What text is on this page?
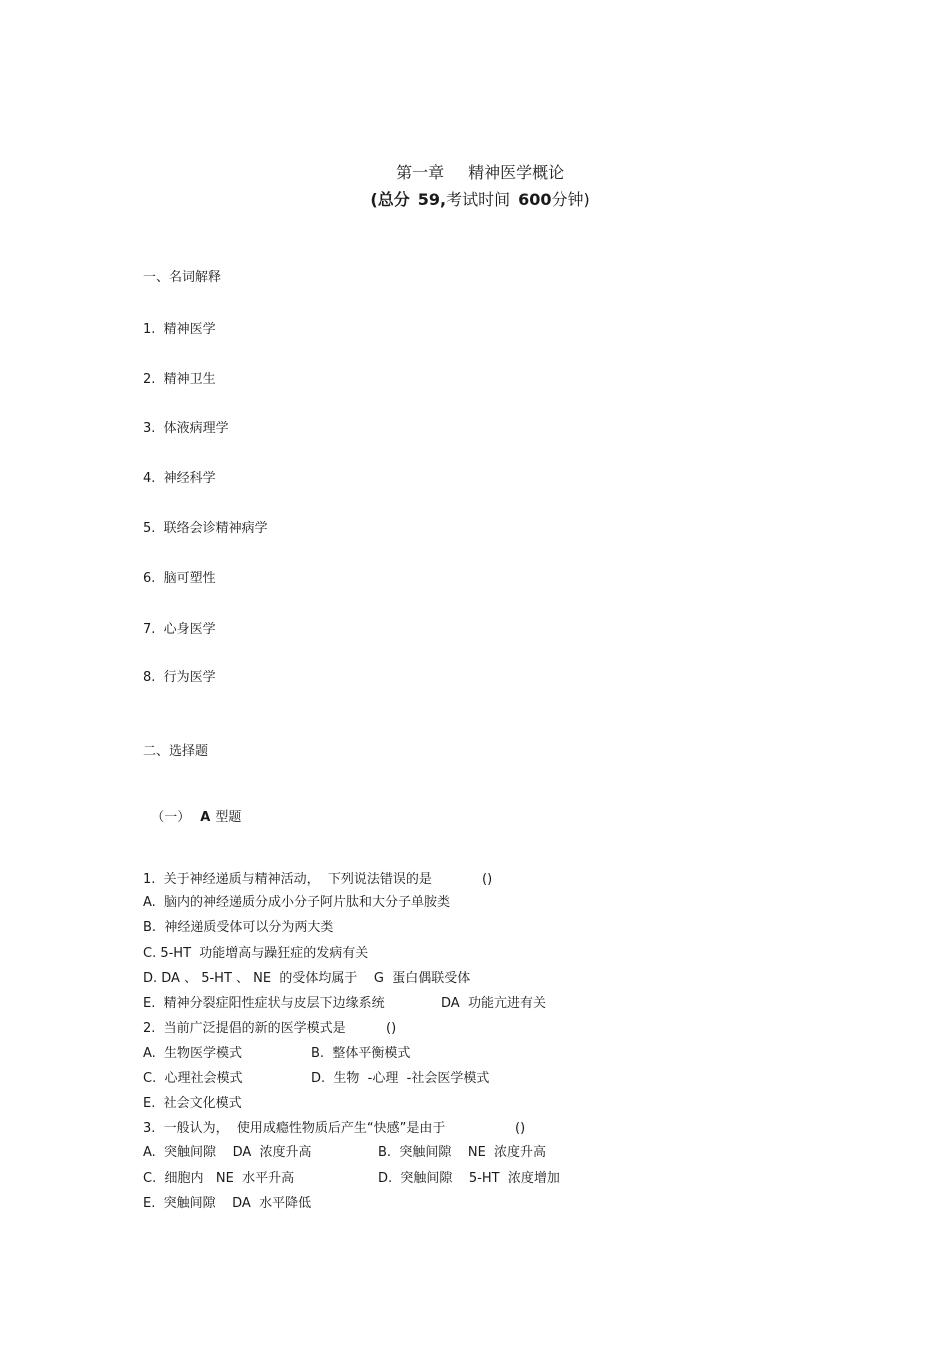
第一章 精神医学概论

(总分 59,考试时间 600分钟)

一、名词解释
1.  精神医学
2.  精神卫生
3.  体液病理学
4.  神经科学
5.  联络会诊精神病学
6.  脑可塑性
7.  心身医学
8.  行为医学
二、选择题

（一） A 型题

1.  关于神经递质与精神活动，  下列说法错误的是	()
A.  脑内的神经递质分成小分子阿片肽和大分子单胺类
B.  神经递质受体可以分为两大类
C. 5-HT  功能增高与躁狂症的发病有关
D. DA 、 5-HT 、 NE  的受体均属于    G  蛋白偶联受体
E.  精神分裂症阳性症状与皮层下边缘系统	DA  功能亢进有关
2.  当前广泛提倡的新的医学模式是	()
A.  生物医学模式	B.  整体平衡模式
C.  心理社会模式	D.  生物  -心理  -社会医学模式
E.  社会文化模式
3.  一般认为，  使用成瘾性物质后产生“快感”是由于	()
A.  突触间隙    DA  浓度升高	B.  突触间隙    NE  浓度升高
C.  细胞内   NE  水平升高	D.  突触间隙    5-HT  浓度增加
E.  突触间隙    DA  水平降低
